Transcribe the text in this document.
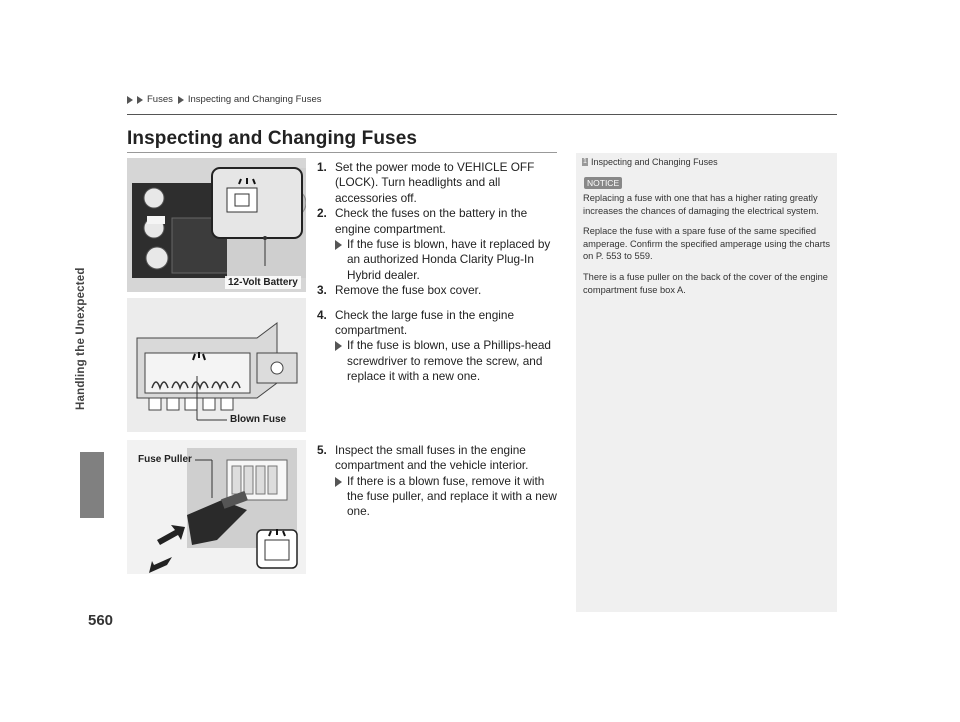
Fuses Inspecting and Changing Fuses
Handling the Unexpected
560
Inspecting and Changing Fuses
12-Volt Battery
Blown Fuse
Fuse Puller
1. Set the power mode to VEHICLE OFF (LOCK). Turn headlights and all accessories off.
2. Check the fuses on the battery in the engine compartment.
If the fuse is blown, have it replaced by an authorized Honda Clarity Plug-In Hybrid dealer.
3. Remove the fuse box cover.
4. Check the large fuse in the engine compartment.
If the fuse is blown, use a Phillips-head screwdriver to remove the screw, and replace it with a new one.
5. Inspect the small fuses in the engine compartment and the vehicle interior.
If there is a blown fuse, remove it with the fuse puller, and replace it with a new one.
1 Inspecting and Changing Fuses
NOTICE

Replacing a fuse with one that has a higher rating greatly increases the chances of damaging the electrical system.

Replace the fuse with a spare fuse of the same specified amperage. Confirm the specified amperage using the charts on P. 553 to 559.

There is a fuse puller on the back of the cover of the engine compartment fuse box A.
